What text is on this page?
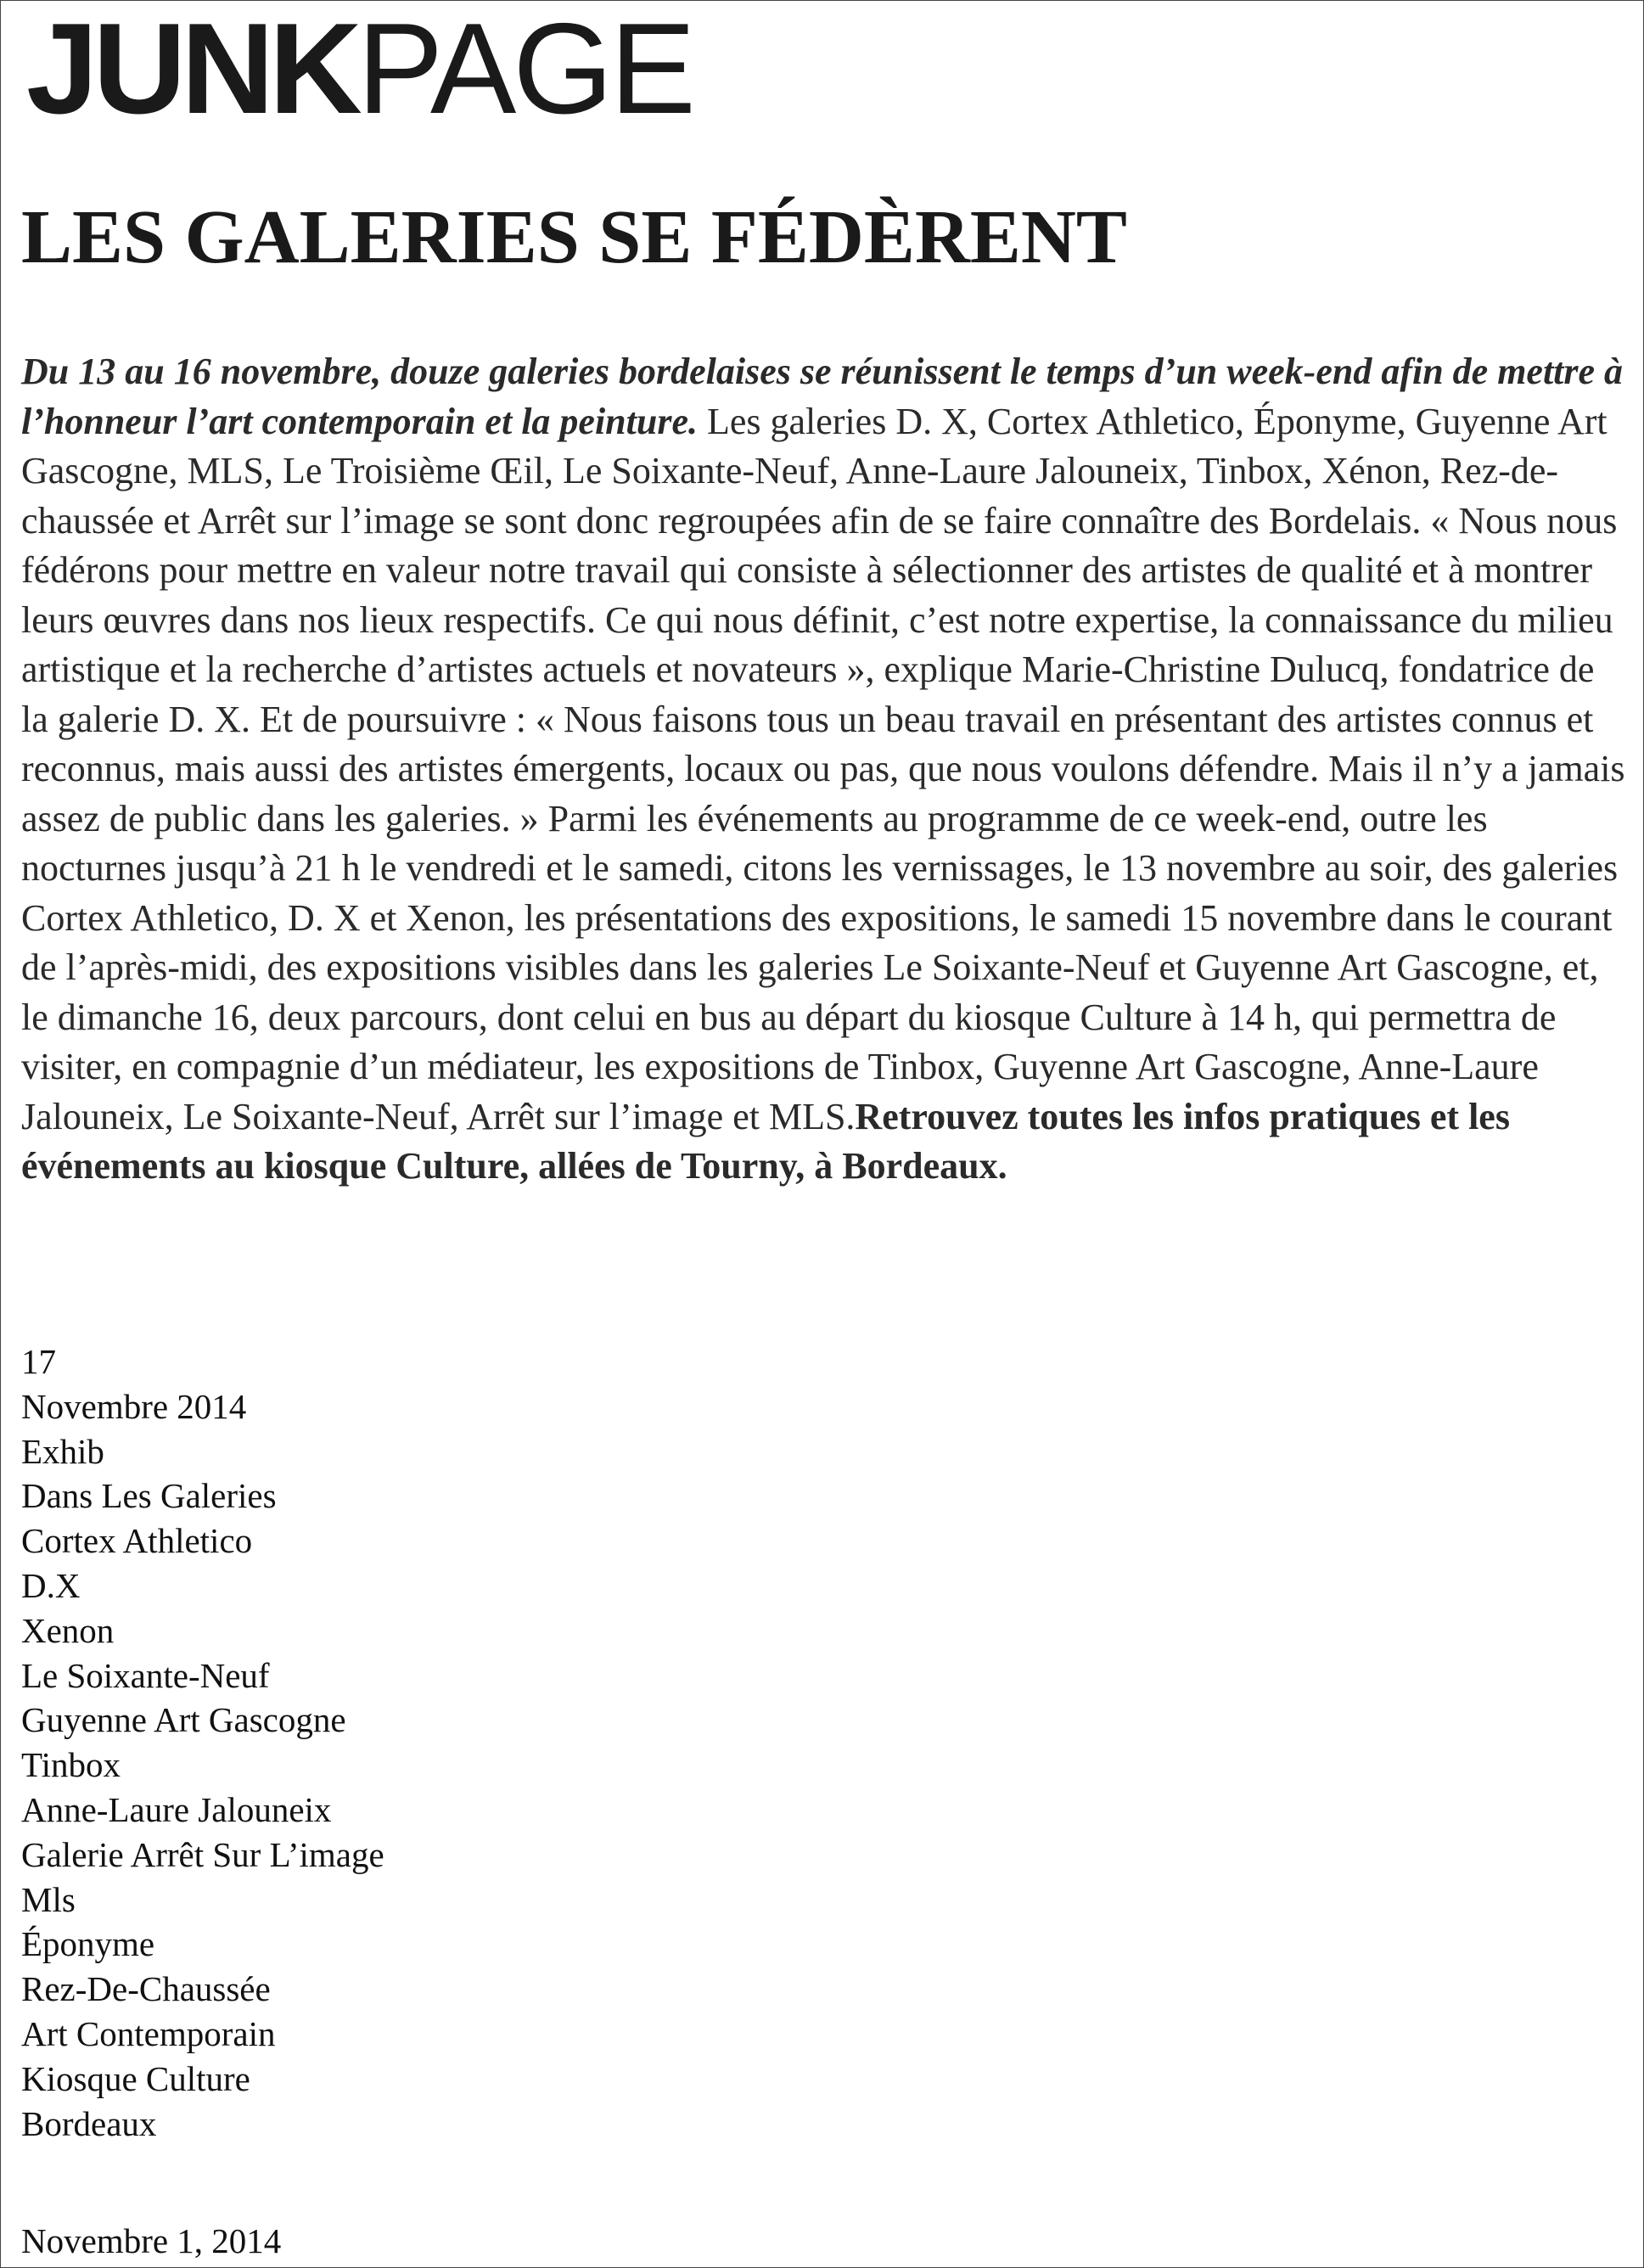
JUNKPAGE
LES GALERIES SE FÉDÈRENT

Du 13 au 16 novembre, douze galeries bordelaises se réunissent le temps d’un week-end afin de mettre à l’honneur l’art contemporain et la peinture. Les galeries D. X, Cortex Athletico, Éponyme, Guyenne Art Gascogne, MLS, Le Troisième Œil, Le Soixante-Neuf, Anne-Laure Jalouneix, Tinbox, Xénon, Rez-de-chaussée et Arrêt sur l’image se sont donc regroupées afin de se faire connaître des Bordelais. « Nous nous fédérons pour mettre en valeur notre travail qui consiste à sélectionner des artistes de qualité et à montrer leurs œuvres dans nos lieux respectifs. Ce qui nous définit, c’est notre expertise, la connaissance du milieu artistique et la recherche d’artistes actuels et novateurs », explique Marie-Christine Dulucq, fondatrice de la galerie D. X. Et de poursuivre : « Nous faisons tous un beau travail en présentant des artistes connus et reconnus, mais aussi des artistes émergents, locaux ou pas, que nous voulons défendre. Mais il n’y a jamais assez de public dans les galeries. » Parmi les événements au programme de ce week-end, outre les nocturnes jusqu’à 21 h le vendredi et le samedi, citons les vernissages, le 13 novembre au soir, des galeries Cortex Athletico, D. X et Xenon, les présentations des expositions, le samedi 15 novembre dans le courant de l’après-midi, des expositions visibles dans les galeries Le Soixante-Neuf et Guyenne Art Gascogne, et, le dimanche 16, deux parcours, dont celui en bus au départ du kiosque Culture à 14 h, qui permettra de visiter, en compagnie d’un médiateur, les expositions de Tinbox, Guyenne Art Gascogne, Anne-Laure Jalouneix, Le Soixante-Neuf, Arrêt sur l’image et MLS.Retrouvez toutes les infos pratiques et les événements au kiosque Culture, allées de Tourny, à Bordeaux.

17
Novembre 2014
Exhib
Dans Les Galeries
Cortex Athletico
D.X
Xenon
Le Soixante-Neuf
Guyenne Art Gascogne
Tinbox
Anne-Laure Jalouneix
Galerie Arrêt Sur L’image
Mls
Éponyme
Rez-De-Chaussée
Art Contemporain
Kiosque Culture
Bordeaux
Novembre 1, 2014
